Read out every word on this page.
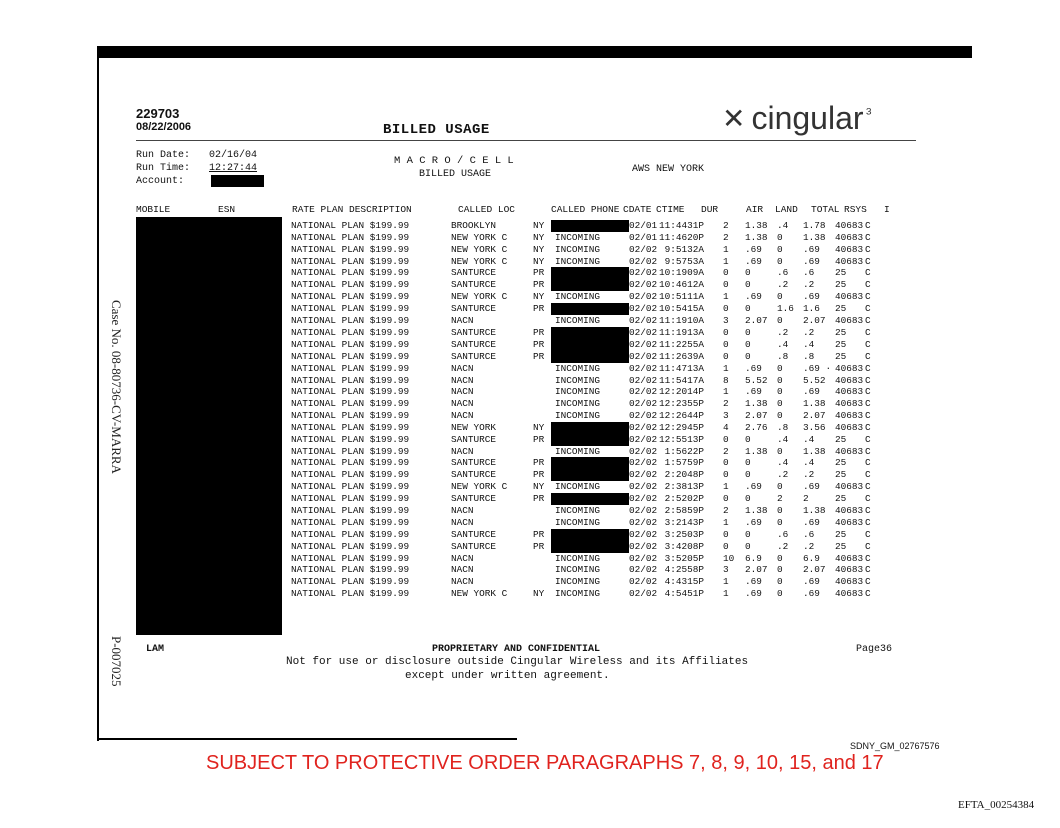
229703
08/22/2006	BILLED USAGE	✕ cingular ₃
Run Date: 02/16/04
Run Time: 12:27:44
Account:
M A C R O / C E L L
BILLED USAGE	AWS NEW YORK
MOBILE	ESN	RATE PLAN DESCRIPTION	CALLED LOC	CALLED PHONE CDATE CTIME DUR	AIR LAND TOTAL RSYS I
NATIONAL PLAN $199.99	BROOKLYN	NY		02/01	11:4431P	2	1.38	.4	1.78	40683	C
NATIONAL PLAN $199.99	NEW YORK C	NY	INCOMING	02/01	11:4620P	2	1.38	0	1.38	40683	C
NATIONAL PLAN $199.99	NEW YORK C	NY	INCOMING	02/02	9:5132A	1	.69	0	.69	40683	C
NATIONAL PLAN $199.99	NEW YORK C	NY	INCOMING	02/02	9:5753A	1	.69	0	.69	40683	C
NATIONAL PLAN $199.99	SANTURCE	PR		02/02	10:1909A	0	0	.6	.6	25	C
NATIONAL PLAN $199.99	SANTURCE	PR		02/02	10:4612A	0	0	.2	.2	25	C
NATIONAL PLAN $199.99	NEW YORK C	NY	INCOMING	02/02	10:5111A	1	.69	0	.69	40683	C
NATIONAL PLAN $199.99	SANTURCE	PR		02/02	10:5415A	0	0	1.6	1.6	25	C
NATIONAL PLAN $199.99	NACN		INCOMING	02/02	11:1910A	3	2.07	0	2.07	40683	C
NATIONAL PLAN $199.99	SANTURCE	PR		02/02	11:1913A	0	0	.2	.2	25	C
NATIONAL PLAN $199.99	SANTURCE	PR		02/02	11:2255A	0	0	.4	.4	25	C
NATIONAL PLAN $199.99	SANTURCE	PR		02/02	11:2639A	0	0	.8	.8	25	C
NATIONAL PLAN $199.99	NACN		INCOMING	02/02	11:4713A	1	.69	0	.69 ·	40683	C
NATIONAL PLAN $199.99	NACN		INCOMING	02/02	11:5417A	8	5.52	0	5.52	40683	C
NATIONAL PLAN $199.99	NACN		INCOMING	02/02	12:2014P	1	.69	0	.69	40683	C
NATIONAL PLAN $199.99	NACN		INCOMING	02/02	12:2355P	2	1.38	0	1.38	40683	C
NATIONAL PLAN $199.99	NACN		INCOMING	02/02	12:2644P	3	2.07	0	2.07	40683	C
NATIONAL PLAN $199.99	NEW YORK	NY		02/02	12:2945P	4	2.76	.8	3.56	40683	C
NATIONAL PLAN $199.99	SANTURCE	PR		02/02	12:5513P	0	0	.4	.4	25	C
NATIONAL PLAN $199.99	NACN		INCOMING	02/02	1:5622P	2	1.38	0	1.38	40683	C
NATIONAL PLAN $199.99	SANTURCE	PR		02/02	1:5759P	0	0	.4	.4	25	C
NATIONAL PLAN $199.99	SANTURCE	PR		02/02	2:2048P	0	0	.2	.2	25	C
NATIONAL PLAN $199.99	NEW YORK C	NY	INCOMING	02/02	2:3813P	1	.69	0	.69	40683	C
NATIONAL PLAN $199.99	SANTURCE	PR		02/02	2:5202P	0	0	2	2	25	C
NATIONAL PLAN $199.99	NACN		INCOMING	02/02	2:5859P	2	1.38	0	1.38	40683	C
NATIONAL PLAN $199.99	NACN		INCOMING	02/02	3:2143P	1	.69	0	.69	40683	C
NATIONAL PLAN $199.99	SANTURCE	PR		02/02	3:2503P	0	0	.6	.6	25	C
NATIONAL PLAN $199.99	SANTURCE	PR		02/02	3:4208P	0	0	.2	.2	25	C
NATIONAL PLAN $199.99	NACN		INCOMING	02/02	3:5205P	10	6.9	0	6.9	40683	C
NATIONAL PLAN $199.99	NACN		INCOMING	02/02	4:2558P	3	2.07	0	2.07	40683	C
NATIONAL PLAN $199.99	NACN		INCOMING	02/02	4:4315P	1	.69	0	.69	40683	C
NATIONAL PLAN $199.99	NEW YORK C	NY	INCOMING	02/02	4:5451P	1	.69	0	.69	40683	C
LAM	PROPRIETARY AND CONFIDENTIAL	Page36
Not for use or disclosure outside Cingular Wireless and its Affiliates
except under written agreement.
SDNY_GM_02767576
SUBJECT TO PROTECTIVE ORDER PARAGRAPHS 7, 8, 9, 10, 15, and 17
EFTA_00254384
Case No. 08-80736-CV-MARRA
P-007025
